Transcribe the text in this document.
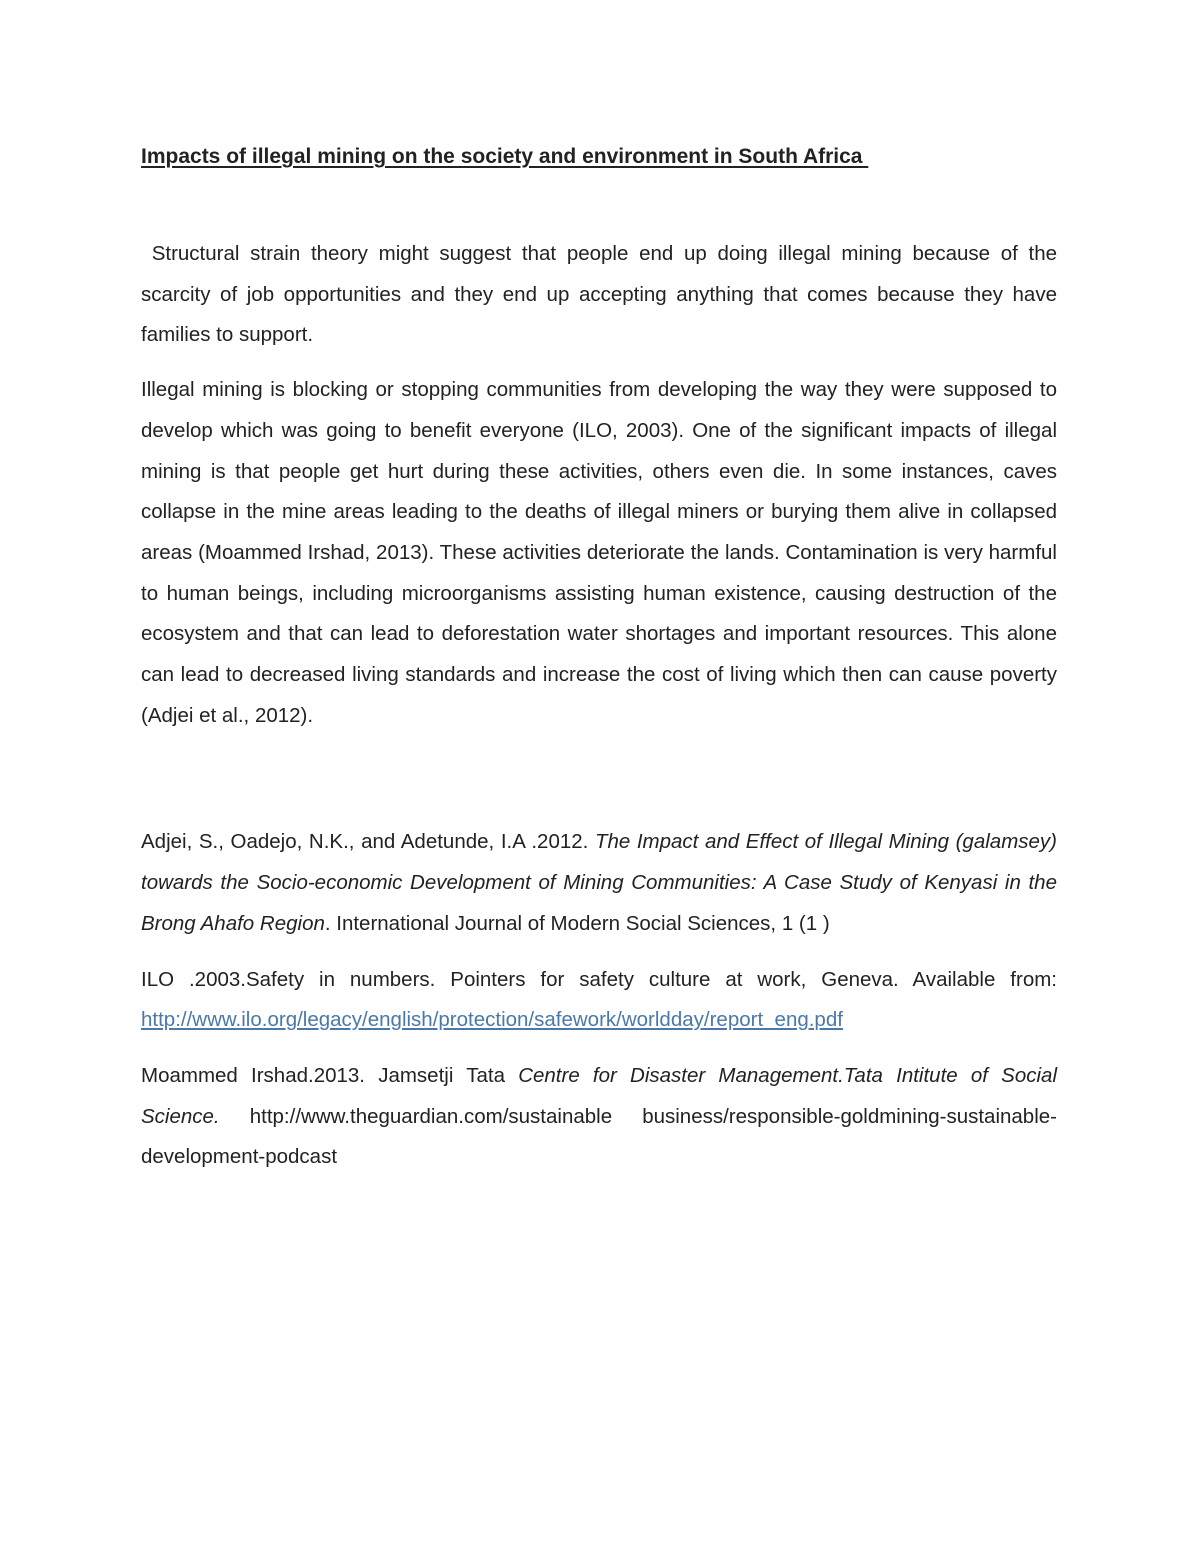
Impacts of illegal mining on the society and environment in South Africa

Structural strain theory might suggest that people end up doing illegal mining because of the scarcity of job opportunities and they end up accepting anything that comes because they have families to support.

Illegal mining is blocking or stopping communities from developing the way they were supposed to develop which was going to benefit everyone (ILO, 2003). One of the significant impacts of illegal mining is that people get hurt during these activities, others even die. In some instances, caves collapse in the mine areas leading to the deaths of illegal miners or burying them alive in collapsed areas (Moammed Irshad, 2013). These activities deteriorate the lands. Contamination is very harmful to human beings, including microorganisms assisting human existence, causing destruction of the ecosystem and that can lead to deforestation water shortages and important resources. This alone can lead to decreased living standards and increase the cost of living which then can cause poverty (Adjei et al., 2012).

Adjei, S., Oadejo, N.K., and Adetunde, I.A .2012. The Impact and Effect of Illegal Mining (galamsey) towards the Socio-economic Development of Mining Communities: A Case Study of Kenyasi in the Brong Ahafo Region. International Journal of Modern Social Sciences, 1 (1 )

ILO .2003.Safety in numbers. Pointers for safety culture at work, Geneva. Available from: http://www.ilo.org/legacy/english/protection/safework/worldday/report_eng.pdf

Moammed Irshad.2013. Jamsetji Tata Centre for Disaster Management.Tata Intitute of Social Science. http://www.theguardian.com/sustainable business/responsible-goldmining-sustainable-development-podcast
